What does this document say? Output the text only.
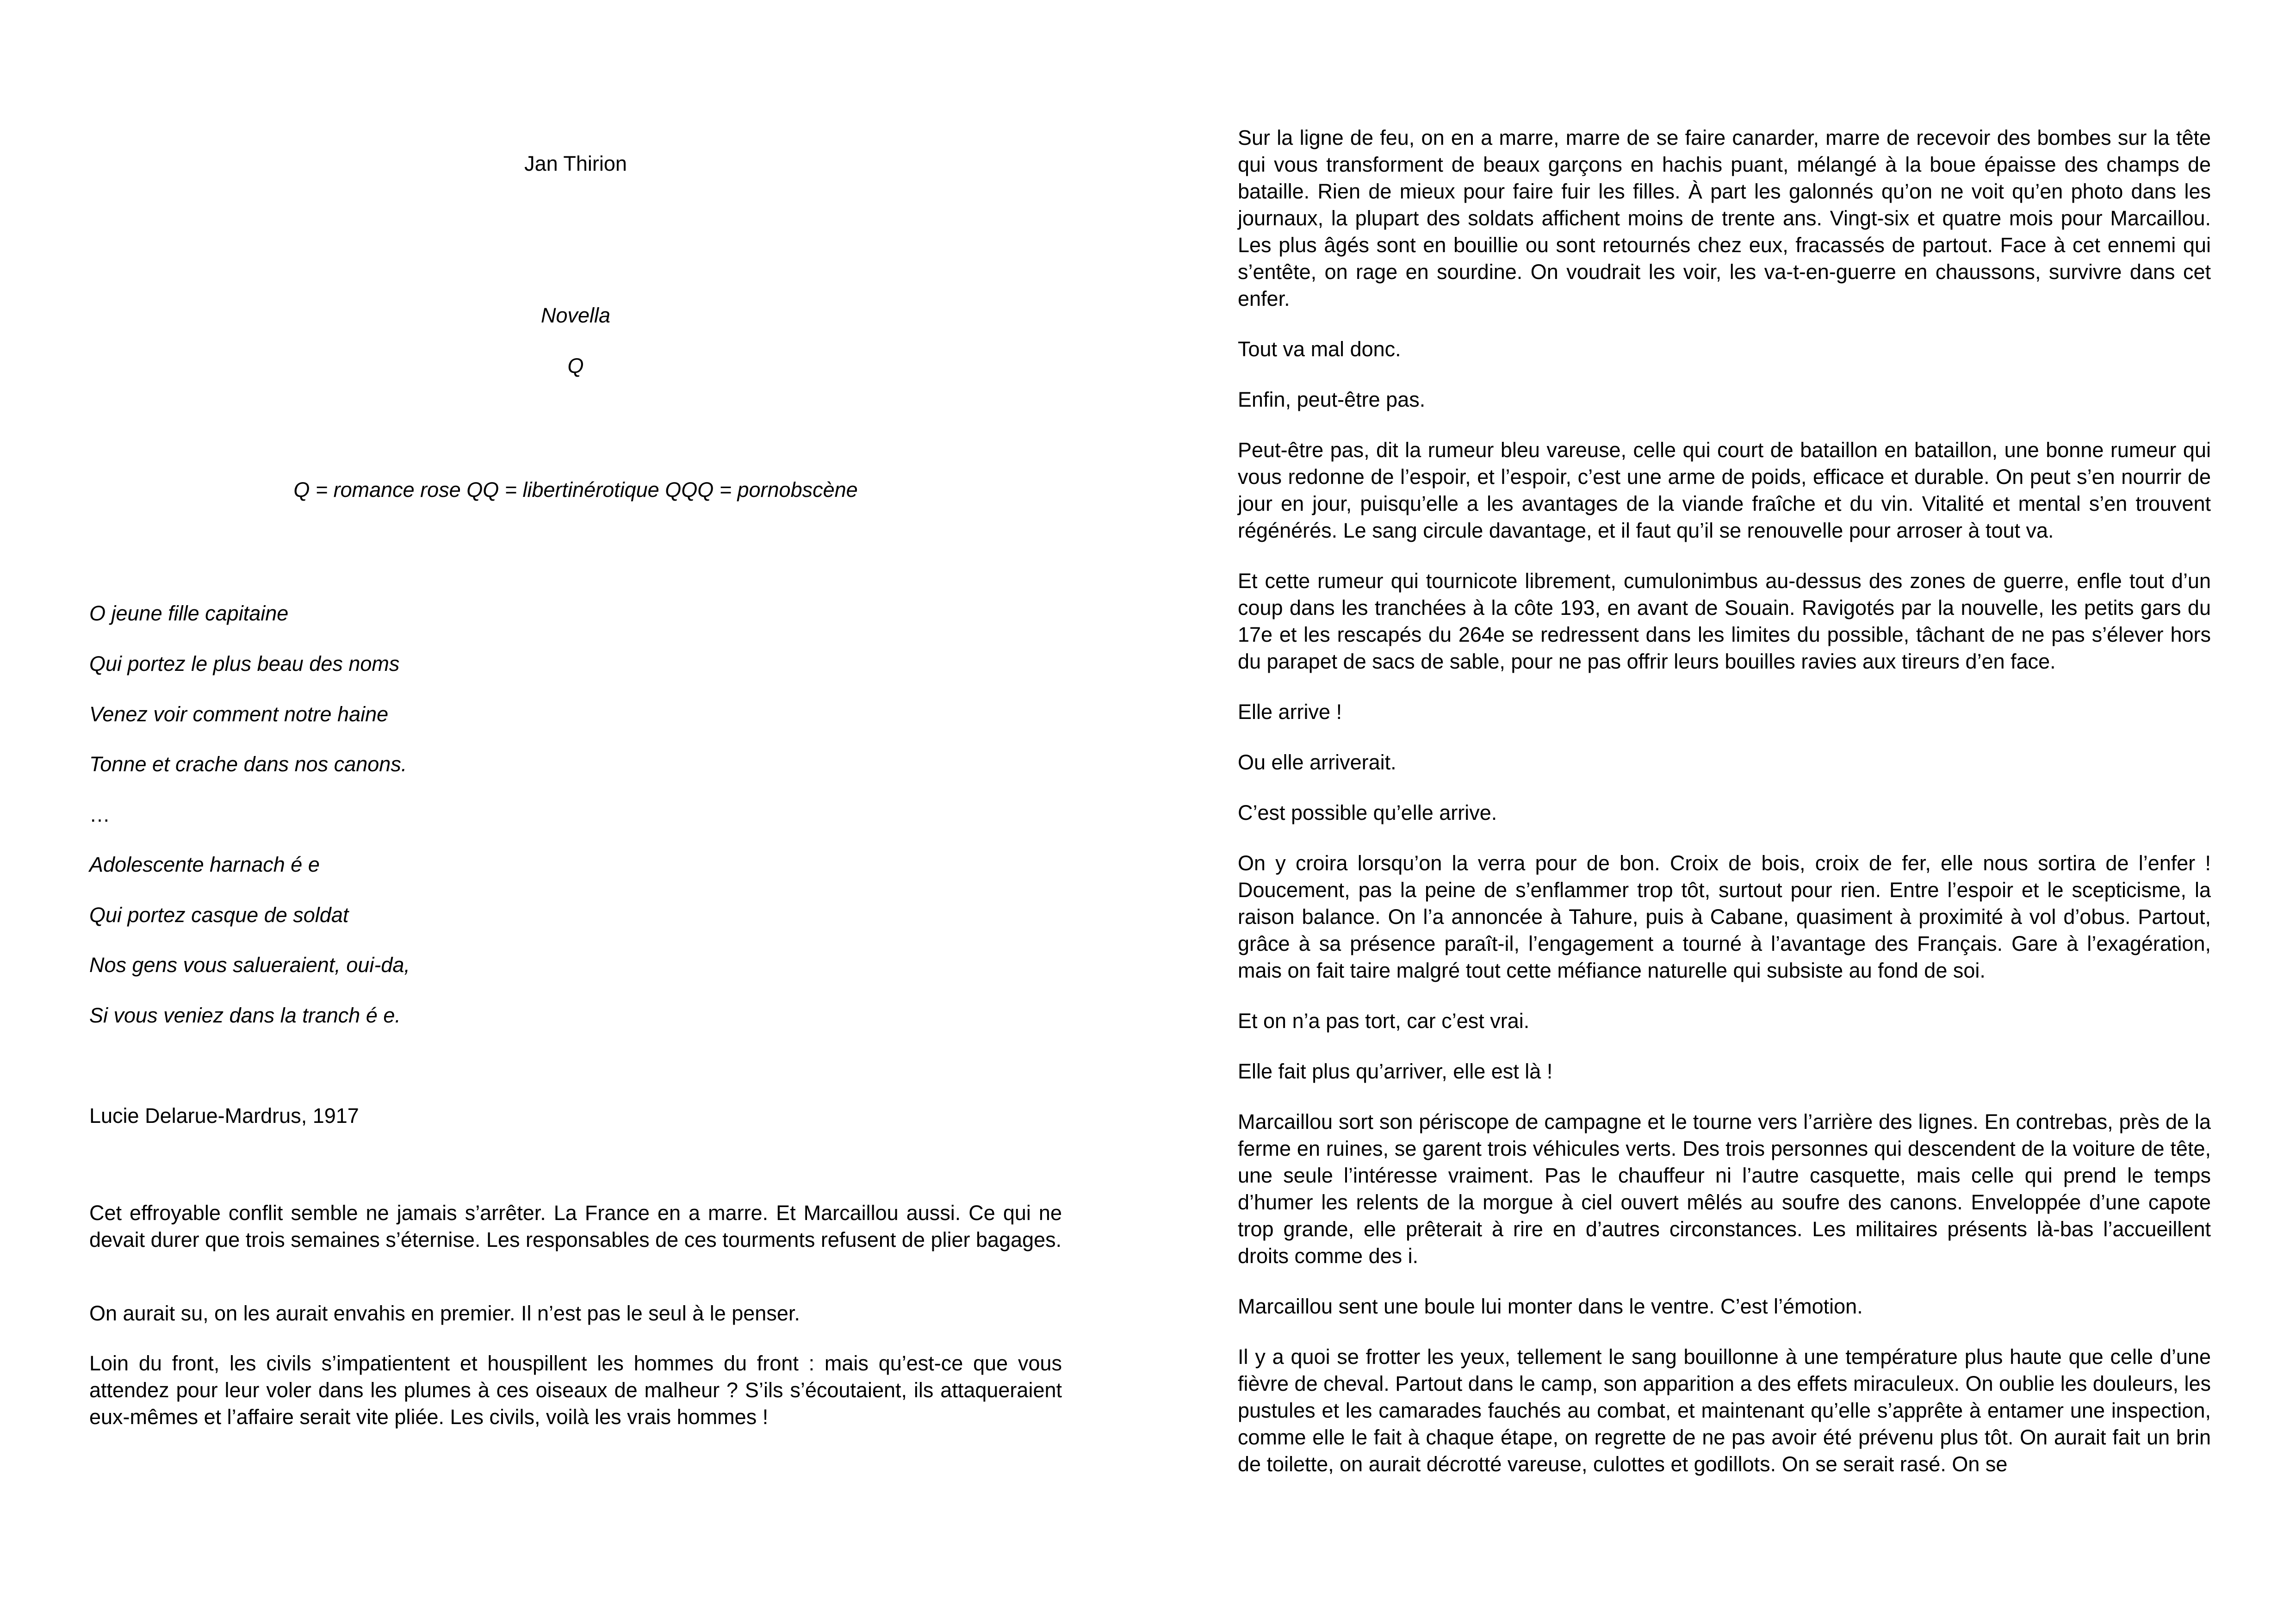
Jan Thirion

Novella

Q

Q = romance rose QQ = libertinérotique QQQ = pornobscène

O jeune fille capitaine

Qui portez le plus beau des noms

Venez voir comment notre haine

Tonne et crache dans nos canons.

…

Adolescente harnach é e

Qui portez casque de soldat

Nos gens vous salueraient, oui-da,

Si vous veniez dans la tranch é e.

Lucie Delarue-Mardrus, 1917

Cet effroyable conflit semble ne jamais s’arrêter. La France en a marre. Et Marcaillou aussi. Ce qui ne devait durer que trois semaines s’éternise. Les responsables de ces tourments refusent de plier bagages.

On aurait su, on les aurait envahis en premier. Il n’est pas le seul à le penser.

Loin du front, les civils s’impatientent et houspillent les hommes du front : mais qu’est-ce que vous attendez pour leur voler dans les plumes à ces oiseaux de malheur ? S’ils s’écoutaient, ils attaqueraient eux-mêmes et l’affaire serait vite pliée. Les civils, voilà les vrais hommes !

Sur la ligne de feu, on en a marre, marre de se faire canarder, marre de recevoir des bombes sur la tête qui vous transforment de beaux garçons en hachis puant, mélangé à la boue épaisse des champs de bataille. Rien de mieux pour faire fuir les filles. À part les galonnés qu’on ne voit qu’en photo dans les journaux, la plupart des soldats affichent moins de trente ans. Vingt-six et quatre mois pour Marcaillou. Les plus âgés sont en bouillie ou sont retournés chez eux, fracassés de partout. Face à cet ennemi qui s’entête, on rage en sourdine. On voudrait les voir, les va-t-en-guerre en chaussons, survivre dans cet enfer.

Tout va mal donc.

Enfin, peut-être pas.

Peut-être pas, dit la rumeur bleu vareuse, celle qui court de bataillon en bataillon, une bonne rumeur qui vous redonne de l’espoir, et l’espoir, c’est une arme de poids, efficace et durable. On peut s’en nourrir de jour en jour, puisqu’elle a les avantages de la viande fraîche et du vin. Vitalité et mental s’en trouvent régénérés. Le sang circule davantage, et il faut qu’il se renouvelle pour arroser à tout va.

Et cette rumeur qui tournicote librement, cumulonimbus au-dessus des zones de guerre, enfle tout d’un coup dans les tranchées à la côte 193, en avant de Souain. Ravigotés par la nouvelle, les petits gars du 17e et les rescapés du 264e se redressent dans les limites du possible, tâchant de ne pas s’élever hors du parapet de sacs de sable, pour ne pas offrir leurs bouilles ravies aux tireurs d’en face.

Elle arrive !

Ou elle arriverait.

C’est possible qu’elle arrive.

On y croira lorsqu’on la verra pour de bon. Croix de bois, croix de fer, elle nous sortira de l’enfer ! Doucement, pas la peine de s’enflammer trop tôt, surtout pour rien. Entre l’espoir et le scepticisme, la raison balance. On l’a annoncée à Tahure, puis à Cabane, quasiment à proximité à vol d’obus. Partout, grâce à sa présence paraît-il, l’engagement a tourné à l’avantage des Français. Gare à l’exagération, mais on fait taire malgré tout cette méfiance naturelle qui subsiste au fond de soi.

Et on n’a pas tort, car c’est vrai.

Elle fait plus qu’arriver, elle est là !

Marcaillou sort son périscope de campagne et le tourne vers l’arrière des lignes. En contrebas, près de la ferme en ruines, se garent trois véhicules verts. Des trois personnes qui descendent de la voiture de tête, une seule l’intéresse vraiment. Pas le chauffeur ni l’autre casquette, mais celle qui prend le temps d’humer les relents de la morgue à ciel ouvert mêlés au soufre des canons. Enveloppée d’une capote trop grande, elle prêterait à rire en d’autres circonstances. Les militaires présents là-bas l’accueillent droits comme des i.

Marcaillou sent une boule lui monter dans le ventre. C’est l’émotion.

Il y a quoi se frotter les yeux, tellement le sang bouillonne à une température plus haute que celle d’une fièvre de cheval. Partout dans le camp, son apparition a des effets miraculeux. On oublie les douleurs, les pustules et les camarades fauchés au combat, et maintenant qu’elle s’apprête à entamer une inspection, comme elle le fait à chaque étape, on regrette de ne pas avoir été prévenu plus tôt. On aurait fait un brin de toilette, on aurait décrotté vareuse, culottes et godillots. On se serait rasé. On se
